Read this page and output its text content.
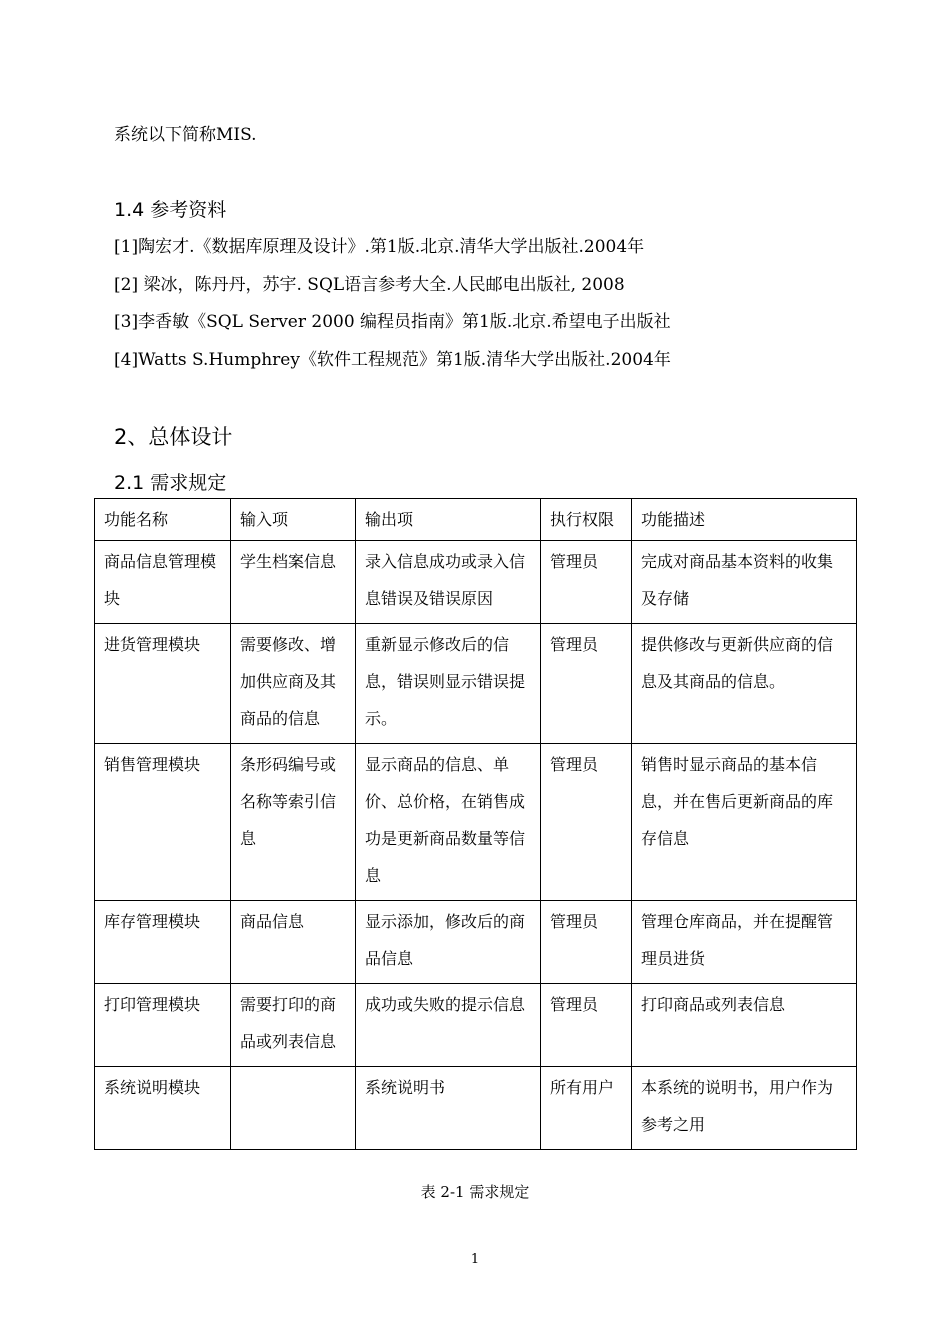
系统以下简称MIS.
1.4 参考资料
[1]陶宏才.《数据库原理及设计》.第1版.北京.清华大学出版社.2004年
[2] 梁冰，陈丹丹，苏宇. SQL语言参考大全.人民邮电出版社, 2008
[3]李香敏《SQL Server 2000 编程员指南》第1版.北京.希望电子出版社
[4]Watts S.Humphrey《软件工程规范》第1版.清华大学出版社.2004年
2、总体设计
2.1 需求规定
功能名称	输入项	输出项	执行权限	功能描述
商品信息管理模块	学生档案信息	录入信息成功或录入信息错误及错误原因	管理员	完成对商品基本资料的收集及存储
进货管理模块	需要修改、增加供应商及其商品的信息	重新显示修改后的信息，错误则显示错误提示。	管理员	提供修改与更新供应商的信息及其商品的信息。
销售管理模块	条形码编号或名称等索引信息	显示商品的信息、单价、总价格，在销售成功是更新商品数量等信息	管理员	销售时显示商品的基本信息，并在售后更新商品的库存信息
库存管理模块	商品信息	显示添加，修改后的商品信息	管理员	管理仓库商品，并在提醒管理员进货
打印管理模块	需要打印的商品或列表信息	成功或失败的提示信息	管理员	打印商品或列表信息
系统说明模块		系统说明书	所有用户	本系统的说明书，用户作为参考之用
表 2-1 需求规定
1
